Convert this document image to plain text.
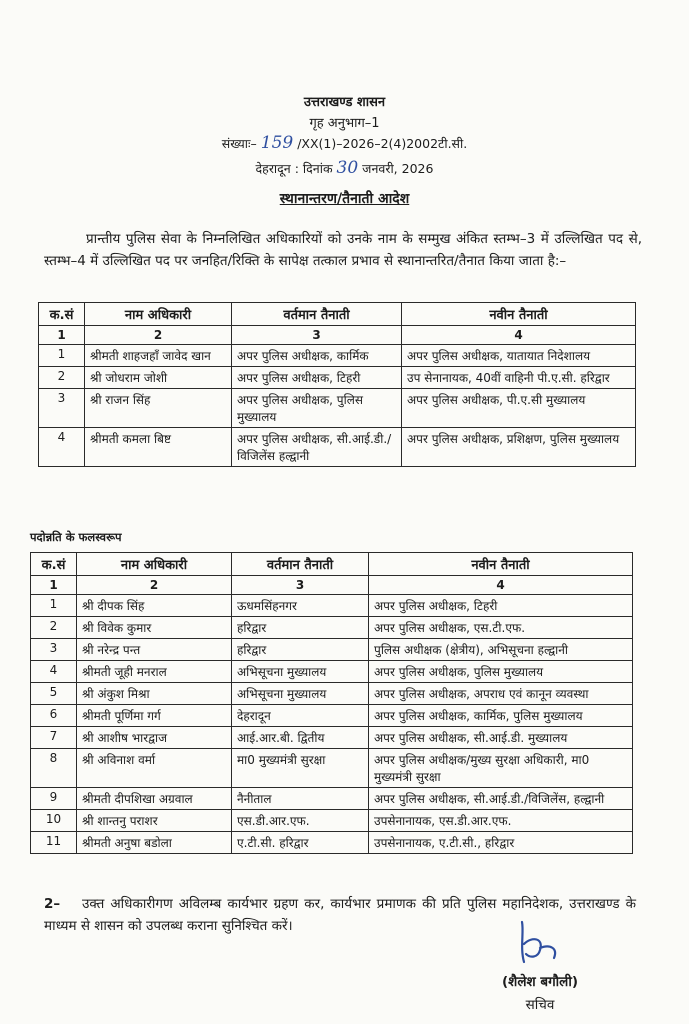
उत्तराखण्ड शासन
गृह अनुभाग–1
संख्याः– 159 /XX(1)–2026–2(4)2002टी.सी.
देहरादून : दिनांक 30 जनवरी, 2026
स्थानान्तरण/तैनाती आदेश
प्रान्तीय पुलिस सेवा के निम्नलिखित अधिकारियों को उनके नाम के सम्मुख अंकित स्तम्भ–3 में उल्लिखित पद से, स्तम्भ–4 में उल्लिखित पद पर जनहित/रिक्ति के सापेक्ष तत्काल प्रभाव से स्थानान्तरित/तैनात किया जाता है:–
क.सं	नाम अधिकारी	वर्तमान तैनाती	नवीन तैनाती
1	2	3	4
1	श्रीमती शाहजहाँ जावेद खान	अपर पुलिस अधीक्षक, कार्मिक	अपर पुलिस अधीक्षक, यातायात निदेशालय
2	श्री जोधराम जोशी	अपर पुलिस अधीक्षक, टिहरी	उप सेनानायक, 40वीं वाहिनी पी.ए.सी. हरिद्वार
3	श्री राजन सिंह	अपर पुलिस अधीक्षक, पुलिस मुख्यालय	अपर पुलिस अधीक्षक, पी.ए.सी मुख्यालय
4	श्रीमती कमला बिष्ट	अपर पुलिस अधीक्षक, सी.आई.डी./विजिलेंस हल्द्वानी	अपर पुलिस अधीक्षक, प्रशिक्षण, पुलिस मुख्यालय
पदोन्नति के फलस्वरूप
क.सं	नाम अधिकारी	वर्तमान तैनाती	नवीन तैनाती
1	2	3	4
1	श्री दीपक सिंह	ऊधमसिंहनगर	अपर पुलिस अधीक्षक, टिहरी
2	श्री विवेक कुमार	हरिद्वार	अपर पुलिस अधीक्षक, एस.टी.एफ.
3	श्री नरेन्द्र पन्त	हरिद्वार	पुलिस अधीक्षक (क्षेत्रीय), अभिसूचना हल्द्वानी
4	श्रीमती जूही मनराल	अभिसूचना मुख्यालय	अपर पुलिस अधीक्षक, पुलिस मुख्यालय
5	श्री अंकुश मिश्रा	अभिसूचना मुख्यालय	अपर पुलिस अधीक्षक, अपराध एवं कानून व्यवस्था
6	श्रीमती पूर्णिमा गर्ग	देहरादून	अपर पुलिस अधीक्षक, कार्मिक, पुलिस मुख्यालय
7	श्री आशीष भारद्वाज	आई.आर.बी. द्वितीय	अपर पुलिस अधीक्षक, सी.आई.डी. मुख्यालय
8	श्री अविनाश वर्मा	मा0 मुख्यमंत्री सुरक्षा	अपर पुलिस अधीक्षक/मुख्य सुरक्षा अधिकारी, मा0 मुख्यमंत्री सुरक्षा
9	श्रीमती दीपशिखा अग्रवाल	नैनीताल	अपर पुलिस अधीक्षक, सी.आई.डी./विजिलेंस, हल्द्वानी
10	श्री शान्तनु पराशर	एस.डी.आर.एफ.	उपसेनानायक, एस.डी.आर.एफ.
11	श्रीमती अनुषा बडोला	ए.टी.सी. हरिद्वार	उपसेनानायक, ए.टी.सी., हरिद्वार
2– उक्त अधिकारीगण अविलम्ब कार्यभार ग्रहण कर, कार्यभार प्रमाणक की प्रति पुलिस महानिदेशक, उत्तराखण्ड के माध्यम से शासन को उपलब्ध कराना सुनिश्चित करें।
(शैलेश बगौली)
सचिव
